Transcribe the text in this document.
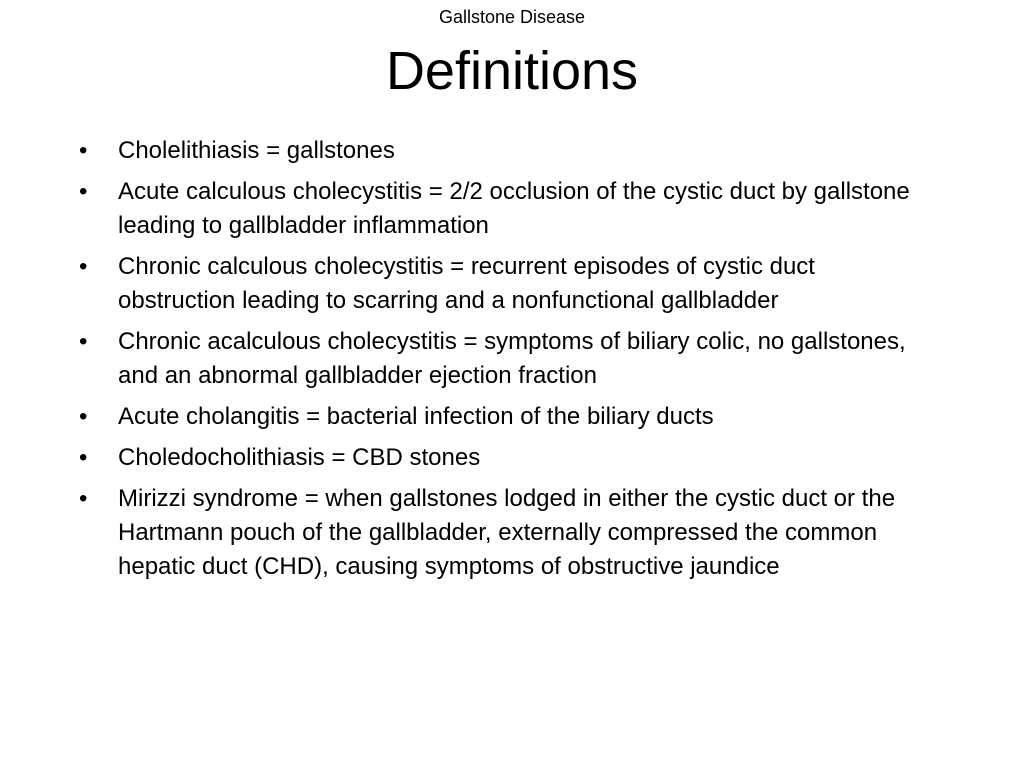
Gallstone Disease
Definitions
•	Cholelithiasis = gallstones
•	Acute calculous cholecystitis = 2/2 occlusion of the cystic duct by gallstone leading to gallbladder inflammation
•	Chronic calculous cholecystitis = recurrent episodes of cystic duct obstruction leading to scarring and a nonfunctional gallbladder
•	Chronic acalculous cholecystitis = symptoms of biliary colic, no gallstones, and an abnormal gallbladder ejection fraction
•	Acute cholangitis = bacterial infection of the biliary ducts
•	Choledocholithiasis = CBD stones
•	Mirizzi syndrome = when gallstones lodged in either the cystic duct or the Hartmann pouch of the gallbladder, externally compressed the common hepatic duct (CHD), causing symptoms of obstructive jaundice
